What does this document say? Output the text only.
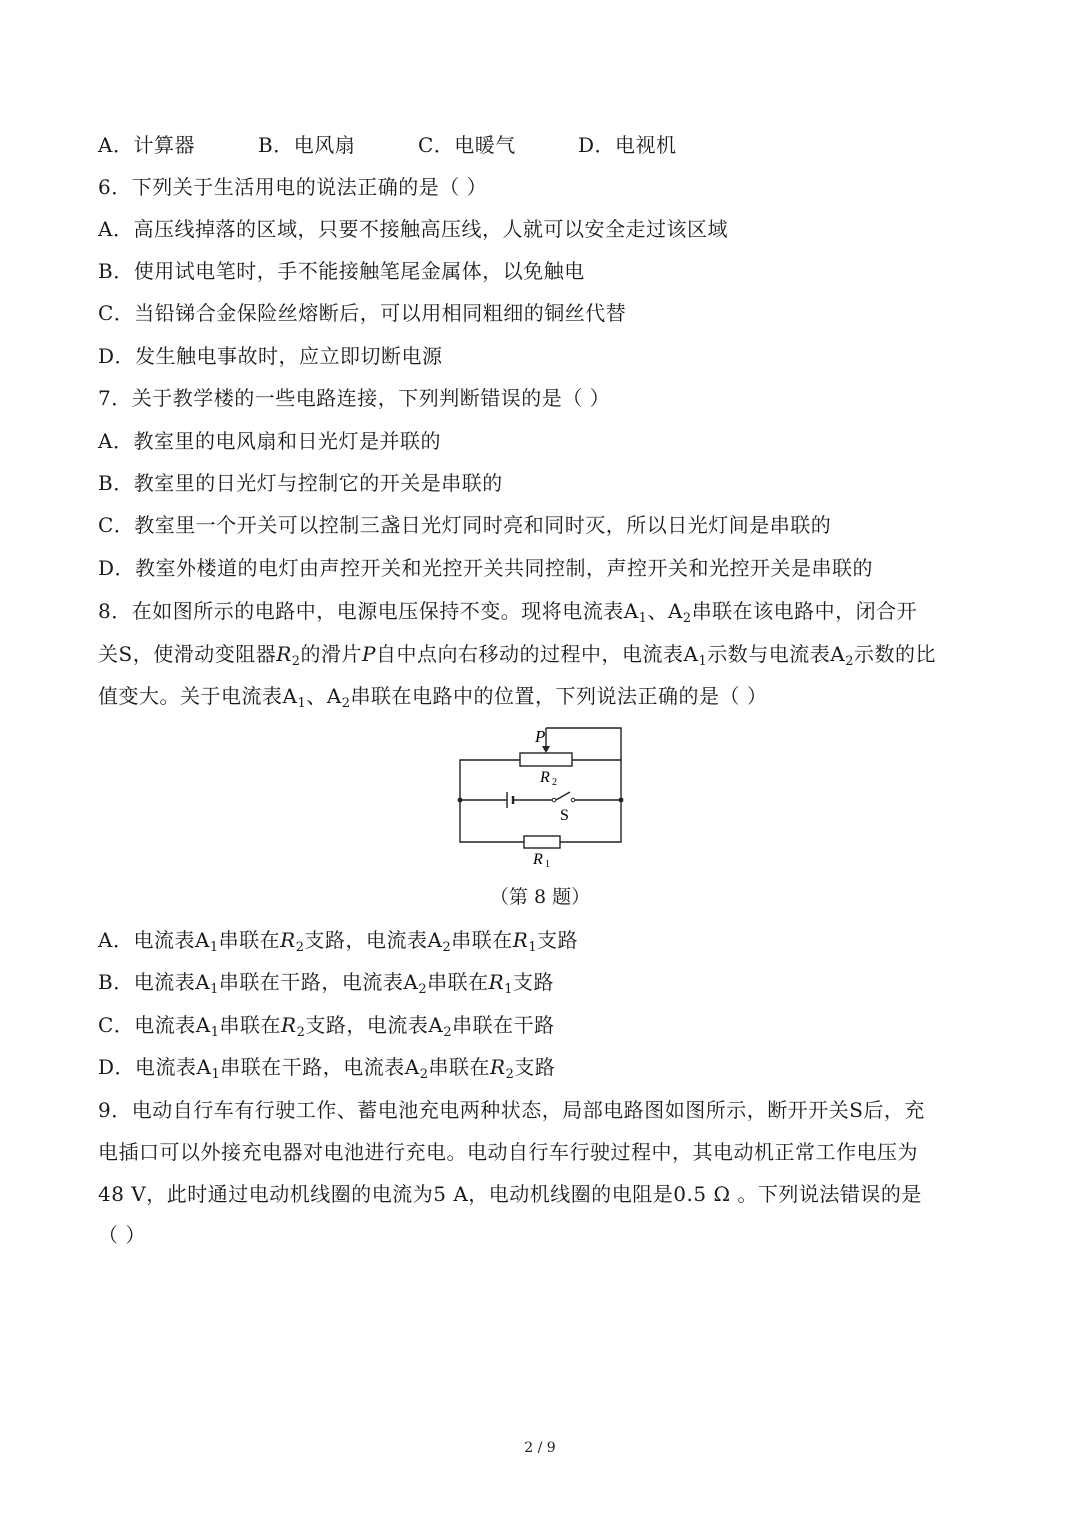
A．计算器	B．电风扇	C．电暖气	D．电视机
6．下列关于生活用电的说法正确的是（ ）
A．高压线掉落的区域，只要不接触高压线，人就可以安全走过该区域
B．使用试电笔时，手不能接触笔尾金属体，以免触电
C．当铅锑合金保险丝熔断后，可以用相同粗细的铜丝代替
D．发生触电事故时，应立即切断电源
7．关于教学楼的一些电路连接，下列判断错误的是（ ）
A．教室里的电风扇和日光灯是并联的
B．教室里的日光灯与控制它的开关是串联的
C．教室里一个开关可以控制三盏日光灯同时亮和同时灭，所以日光灯间是串联的
D．教室外楼道的电灯由声控开关和光控开关共同控制，声控开关和光控开关是串联的
8．在如图所示的电路中，电源电压保持不变。现将电流表$A_1$、$A_2$串联在该电路中，闭合开
关S，使滑动变阻器$R_2$的滑片P自中点向右移动的过程中，电流表$A_1$示数与电流表$A_2$示数的比
值变大。关于电流表$A_1$、$A_2$串联在电路中的位置，下列说法正确的是（ ）
P
R 2
S
R 1
（第 8 题）
A．电流表$A_1$串联在$R_2$支路，电流表$A_2$串联在$R_1$支路
B．电流表$A_1$串联在干路，电流表$A_2$串联在$R_1$支路
C．电流表$A_1$串联在$R_2$支路，电流表$A_2$串联在干路
D．电流表$A_1$串联在干路，电流表$A_2$串联在$R_2$支路
9．电动自行车有行驶工作、蓄电池充电两种状态，局部电路图如图所示，断开开关S后，充
电插口可以外接充电器对电池进行充电。电动自行车行驶过程中，其电动机正常工作电压为
48 V，此时通过电动机线圈的电流为5 A，电动机线圈的电阻是0.5 Ω 。下列说法错误的是
（ ）
2 / 9
